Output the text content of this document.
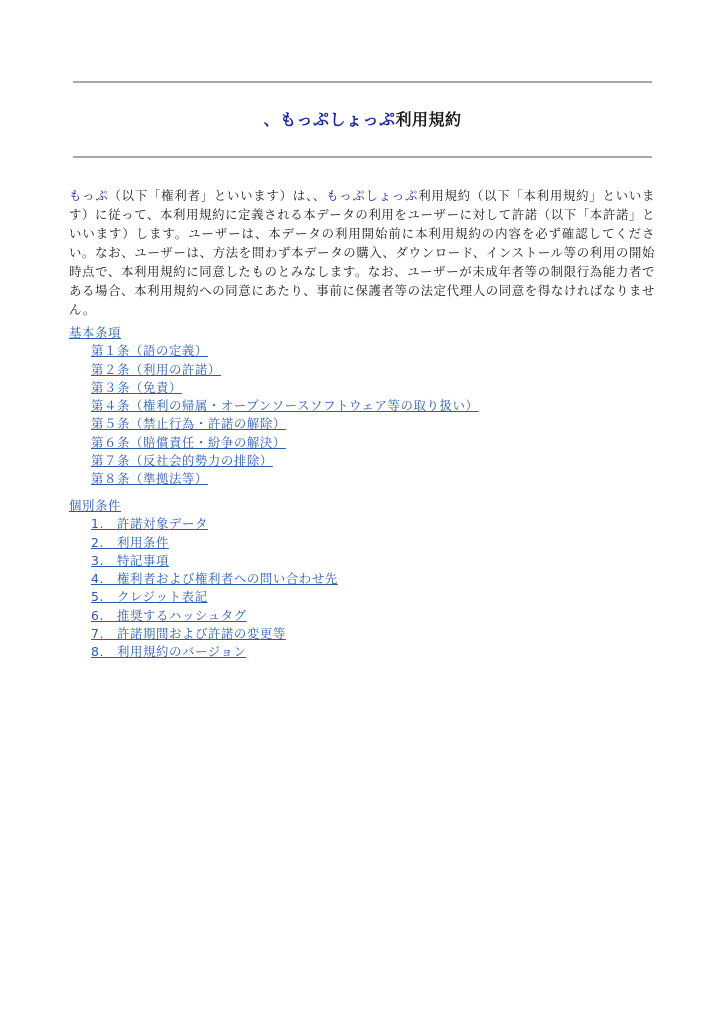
、もっぷしょっぷ利用規約

もっぷ（以下「権利者」といいます）は、、もっぷしょっぷ利用規約（以下「本利用規約」といいます）に従って、本利用規約に定義される本データの利用をユーザーに対して許諾（以下「本許諾」といいます）します。ユーザーは、本データの利用開始前に本利用規約の内容を必ず確認してください。なお、ユーザーは、方法を問わず本データの購入、ダウンロード、インストール等の利用の開始時点で、本利用規約に同意したものとみなします。なお、ユーザーが未成年者等の制限行為能力者である場合、本利用規約への同意にあたり、事前に保護者等の法定代理人の同意を得なければなりません。

基本条項
第１条（語の定義）
第２条（利用の許諾）
第３条（免責）
第４条（権利の帰属・オープンソースソフトウェア等の取り扱い）
第５条（禁止行為・許諾の解除）
第６条（賠償責任・紛争の解決）
第７条（反社会的勢力の排除）
第８条（準拠法等）
個別条件
1.　許諾対象データ
2.　利用条件
3.　特記事項
4.　権利者および権利者への問い合わせ先
5.　クレジット表記
6.　推奨するハッシュタグ
7.　許諾期間および許諾の変更等
8.　利用規約のバージョン
